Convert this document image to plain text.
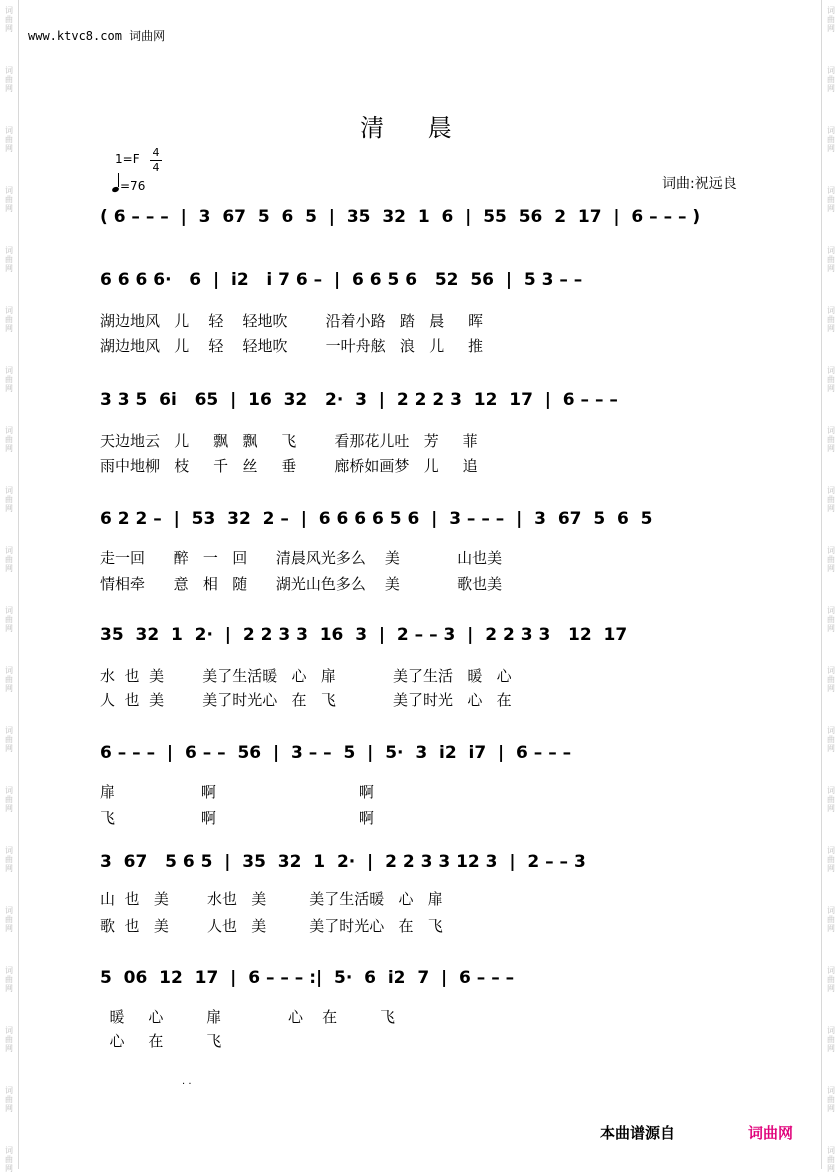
词
曲
网
词
曲
网
词
曲
网
词
曲
网
词
曲
网
词
曲
网
词
曲
网
词
曲
网
词
曲
网
词
曲
网
词
曲
网
词
曲
网
词
曲
网
词
曲
网
词
曲
网
词
曲
网
词
曲
网
词
曲
网
词
曲
网
词
曲
网
词
曲
网
词
曲
网
词
曲
网
词
曲
网
词
曲
网
词
曲
网
词
曲
网
词
曲
网
词
曲
网
词
曲
网
词
曲
网
词
曲
网
词
曲
网
词
曲
网
词
曲
网
词
曲
网
词
曲
网
词
曲
网
词
曲
网
词
曲
网
www.ktvc8.com 词曲网
清 晨
1=F 4
4
=76	词曲:祝远良
( 6 – – –  |  3  67  5  6  5  |  35  32  1  6  |  55  56  2  17  |  6 – – – )
6 6 6 6·   6  |  i2   i 7 6 –  |  6 6 5 6   52  56  |  5 3 – –
湖边地风   儿    轻    轻地吹        沿着小路   踏   晨     晖
湖边地风   儿    轻    轻地吹        一叶舟舷   浪   儿     推
3 3 5  6i   65  |  16  32   2·  3  |  2 2 2 3  12  17  |  6 – – –
天边地云   儿     飘   飘     飞        看那花儿吐   芳     菲
雨中地柳   枝     千   丝     垂        廊桥如画梦   儿     追
6 2 2 –  |  53  32  2 –  |  6 6 6 6 5 6  |  3 – – –  |  3  67  5  6  5
走一回      醉   一   回      清晨风光多么    美            山也美
情相牵      意   相   随      湖光山色多么    美            歌也美
35  32  1  2·  |  2 2 3 3  16  3  |  2 – – 3  |  2 2 3 3   12  17
水  也  美        美了生活暖   心   扉            美了生活   暖   心
人  也  美        美了时光心   在   飞            美了时光   心   在
6 – – –  |  6 – –  56  |  3 – –  5  |  5·  3  i2  i7  |  6 – – –
扉                  啊                              啊
飞                  啊                              啊
3  67   5 6 5  |  35  32  1  2·  |  2 2 3 3 12 3  |  2 – – 3
山  也   美        水也   美         美了生活暖   心   扉
歌  也   美        人也   美         美了时光心   在   飞
5  06  12  17  |  6 – – – :|  5·  6  i2  7  |  6 – – –
暖     心         扉              心    在         飞
心     在         飞
. .
本曲谱源自	词曲网
